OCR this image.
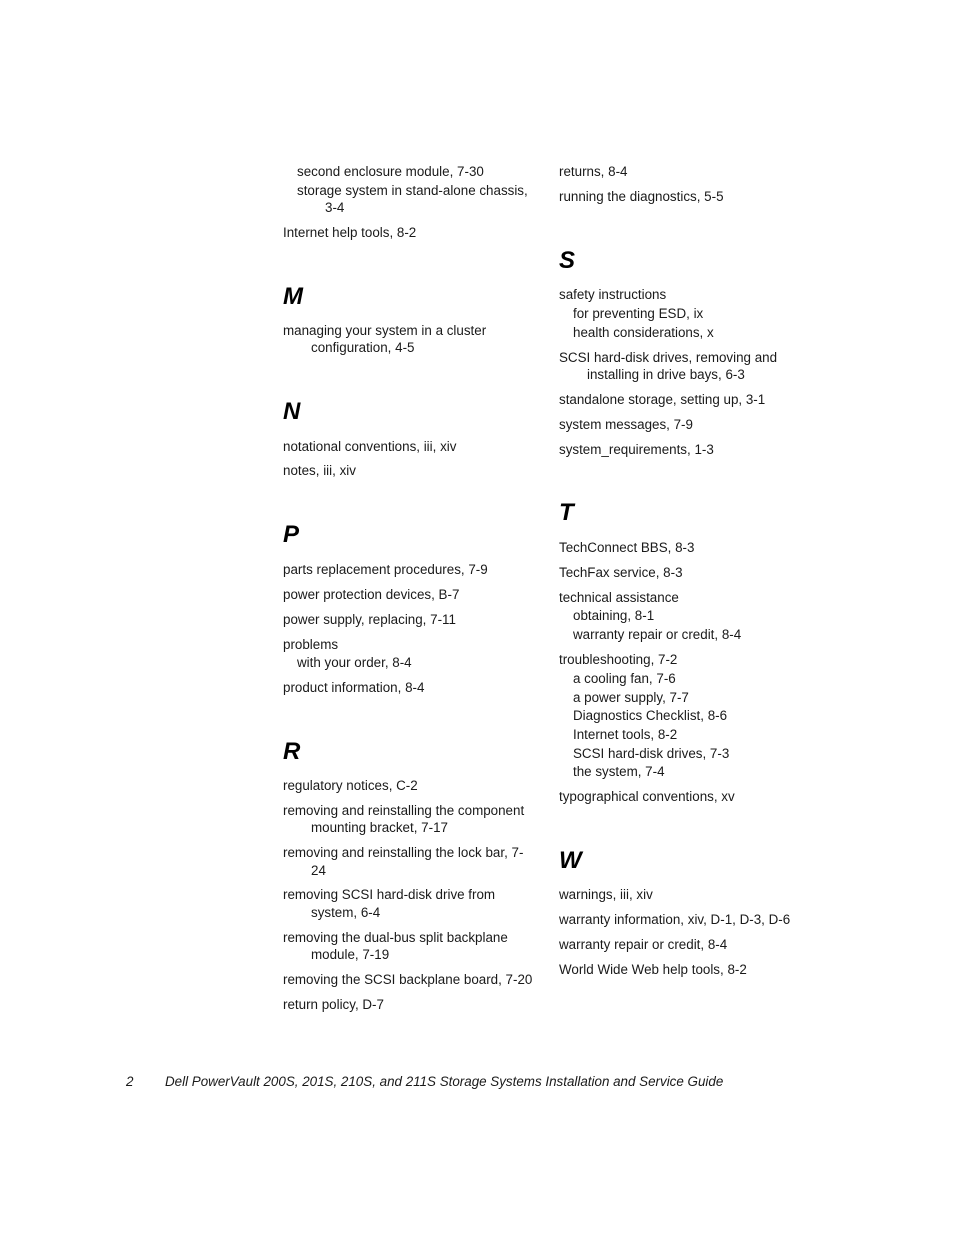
second enclosure module, 7-30
storage system in stand-alone chassis,
3-4
Internet help tools, 8-2
M
managing your system in a cluster
configuration, 4-5
N
notational conventions, iii, xiv
notes, iii, xiv
P
parts replacement procedures, 7-9
power protection devices, B-7
power supply, replacing, 7-11
problems
with your order, 8-4
product information, 8-4
R
regulatory notices, C-2
removing and reinstalling the component
mounting bracket, 7-17
removing and reinstalling the lock bar, 7-
24
removing SCSI hard-disk drive from
system, 6-4
removing the dual-bus split backplane
module, 7-19
removing the SCSI backplane board, 7-20
return policy, D-7
returns, 8-4
running the diagnostics, 5-5
S
safety instructions
for preventing ESD, ix
health considerations, x
SCSI hard-disk drives, removing and
installing in drive bays, 6-3
standalone storage, setting up, 3-1
system messages, 7-9
system_requirements, 1-3
T
TechConnect BBS, 8-3
TechFax service, 8-3
technical assistance
obtaining, 8-1
warranty repair or credit, 8-4
troubleshooting, 7-2
a cooling fan, 7-6
a power supply, 7-7
Diagnostics Checklist, 8-6
Internet tools, 8-2
SCSI hard-disk drives, 7-3
the system, 7-4
typographical conventions, xv
W
warnings, iii, xiv
warranty information, xiv, D-1, D-3, D-6
warranty repair or credit, 8-4
World Wide Web help tools, 8-2
2 Dell PowerVault 200S, 201S, 210S, and 211S Storage Systems Installation and Service Guide
